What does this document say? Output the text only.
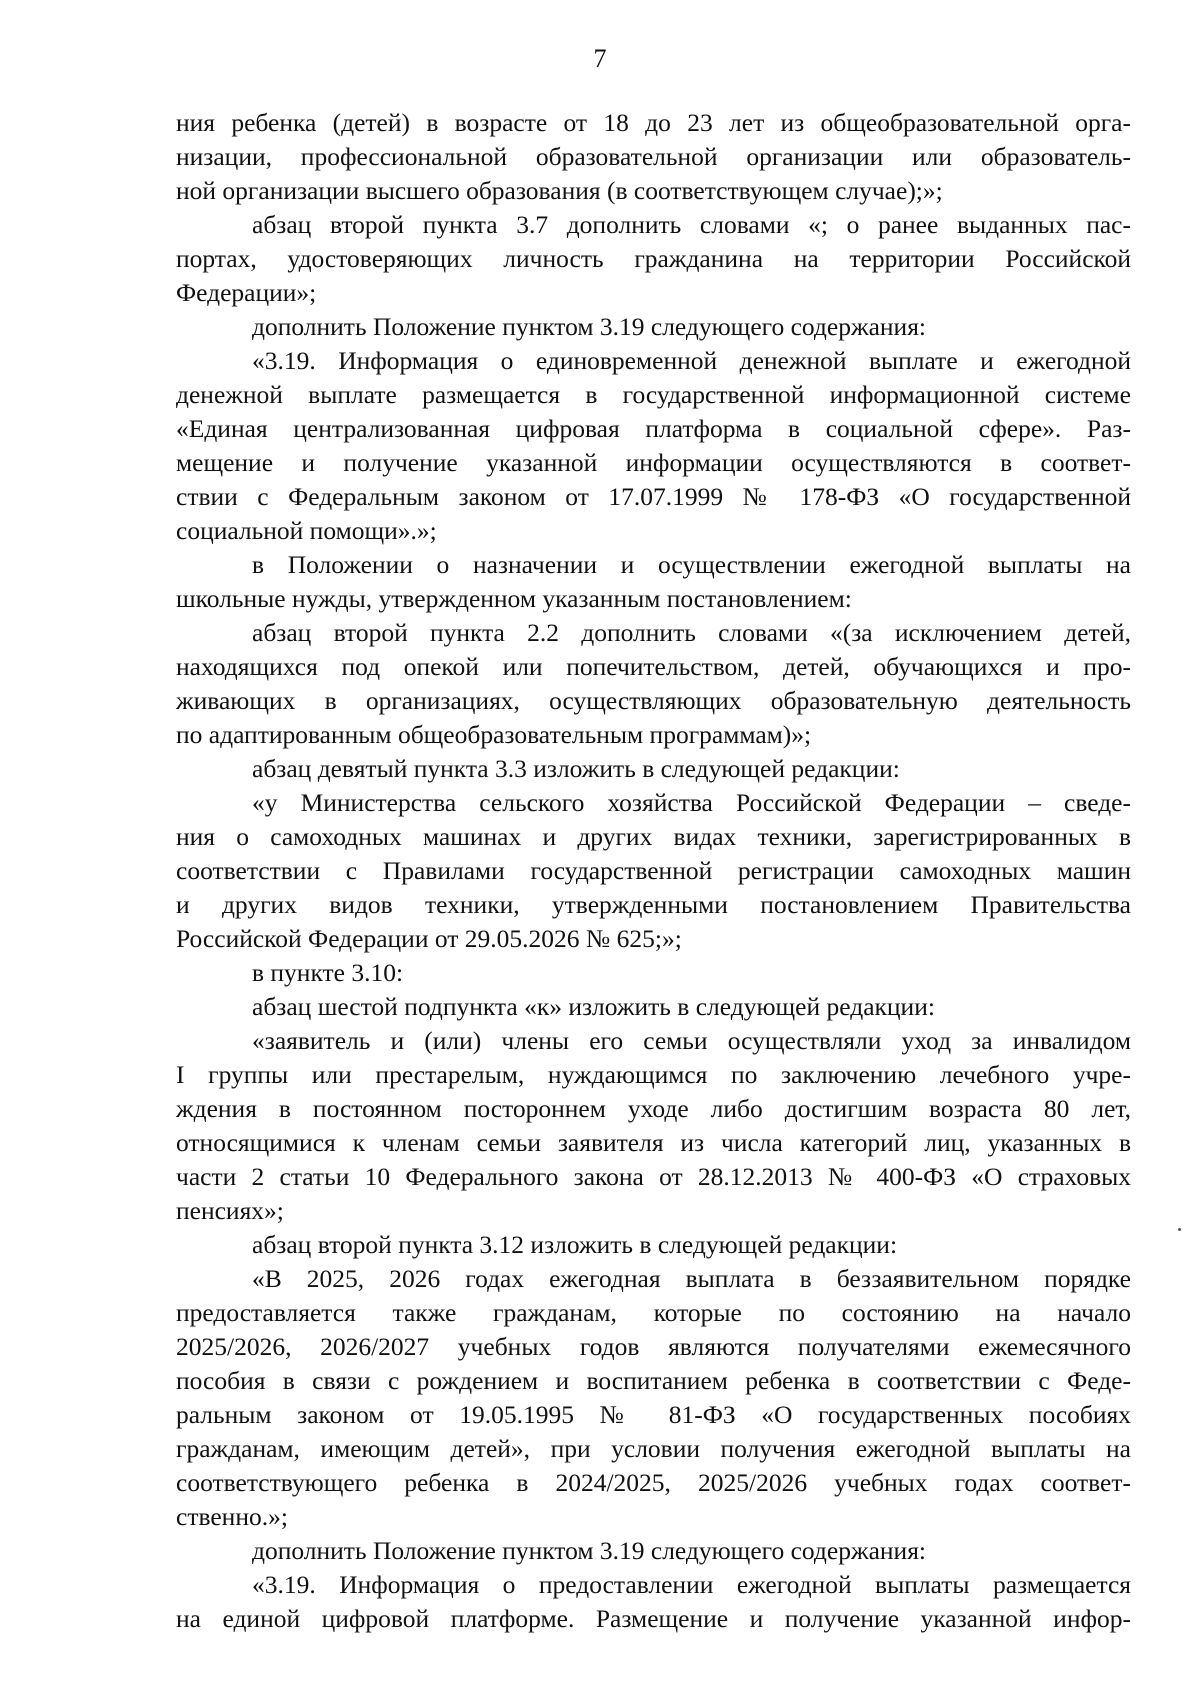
7
ния ребенка (детей) в возрасте от 18 до 23 лет из общеобразовательной орга-
низации, профессиональной образовательной организации или образователь-
ной организации высшего образования (в соответствующем случае);»;
абзац второй пункта 3.7 дополнить словами «; о ранее выданных пас-
портах, удостоверяющих личность гражданина на территории Российской
Федерации»;
дополнить Положение пунктом 3.19 следующего содержания:
«3.19. Информация о единовременной денежной выплате и ежегодной
денежной выплате размещается в государственной информационной системе
«Единая централизованная цифровая платформа в социальной сфере». Раз-
мещение и получение указанной информации осуществляются в соответ-
ствии с Федеральным законом от 17.07.1999 № 178-ФЗ «О государственной
социальной помощи».»;
в Положении о назначении и осуществлении ежегодной выплаты на
школьные нужды, утвержденном указанным постановлением:
абзац второй пункта 2.2 дополнить словами «(за исключением детей,
находящихся под опекой или попечительством, детей, обучающихся и про-
живающих в организациях, осуществляющих образовательную деятельность
по адаптированным общеобразовательным программам)»;
абзац девятый пункта 3.3 изложить в следующей редакции:
«у Министерства сельского хозяйства Российской Федерации – сведе-
ния о самоходных машинах и других видах техники, зарегистрированных в
соответствии с Правилами государственной регистрации самоходных машин
и других видов техники, утвержденными постановлением Правительства
Российской Федерации от 29.05.2026 № 625;»;
в пункте 3.10:
абзац шестой подпункта «к» изложить в следующей редакции:
«заявитель и (или) члены его семьи осуществляли уход за инвалидом
I группы или престарелым, нуждающимся по заключению лечебного учре-
ждения в постоянном постороннем уходе либо достигшим возраста 80 лет,
относящимися к членам семьи заявителя из числа категорий лиц, указанных в
части 2 статьи 10 Федерального закона от 28.12.2013 № 400-ФЗ «О страховых
пенсиях»;
абзац второй пункта 3.12 изложить в следующей редакции:
«В 2025, 2026 годах ежегодная выплата в беззаявительном порядке
предоставляется также гражданам, которые по состоянию на начало
2025/2026, 2026/2027 учебных годов являются получателями ежемесячного
пособия в связи с рождением и воспитанием ребенка в соответствии с Феде-
ральным законом от 19.05.1995 № 81-ФЗ «О государственных пособиях
гражданам, имеющим детей», при условии получения ежегодной выплаты на
соответствующего ребенка в 2024/2025, 2025/2026 учебных годах соответ-
ственно.»;
дополнить Положение пунктом 3.19 следующего содержания:
«3.19. Информация о предоставлении ежегодной выплаты размещается
на единой цифровой платформе. Размещение и получение указанной инфор-
